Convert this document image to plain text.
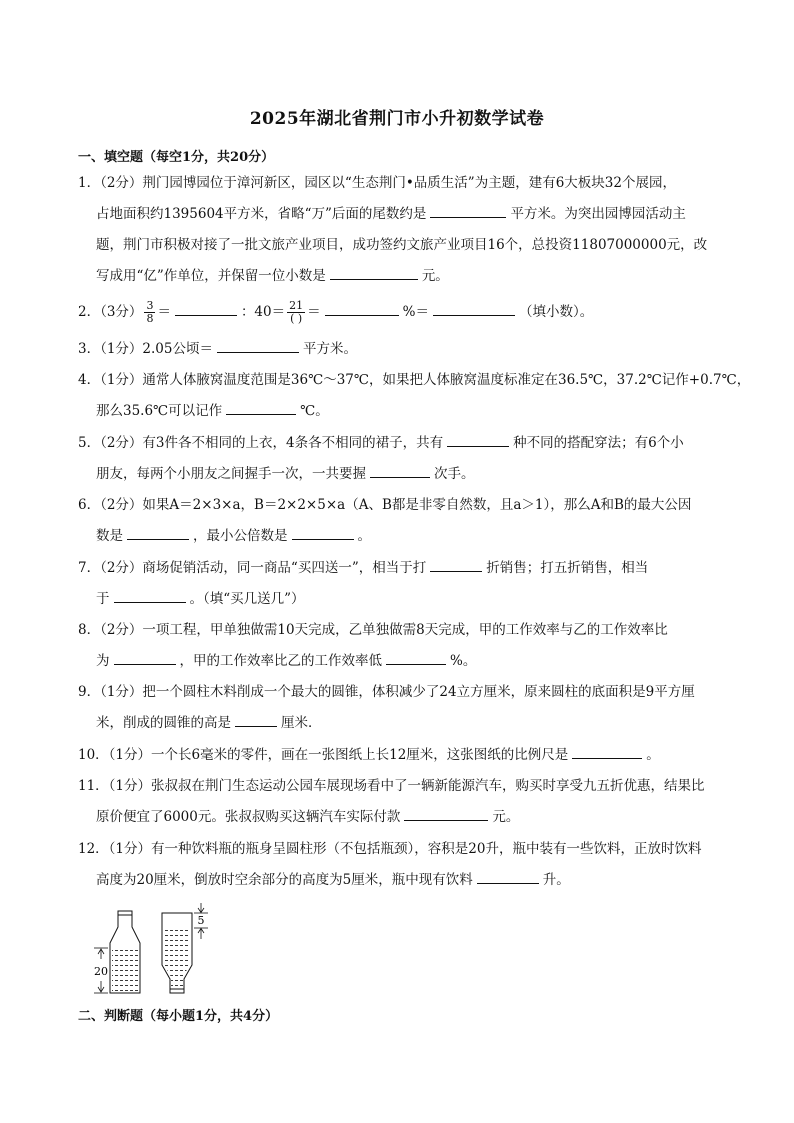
2025年湖北省荆门市小升初数学试卷
一、填空题（每空1分，共20分）
1．（2分）荆门园博园位于漳河新区，园区以“生态荆门•品质生活”为主题，建有6大板块32个展园，
占地面积约1395604平方米，省略“万”后面的尾数约是	平方米。为突出园博园活动主
题，荆门市积极对接了一批文旅产业项目，成功签约文旅产业项目16个，总投资11807000000元，改
写成用“亿”作单位，并保留一位小数是	元。
2．（3分） $\frac{3}{8}$ ＝	：$40= \frac{21}{( )}$ ＝	%＝	（填小数）。
3．（1分）2.05公顷＝	平方米。
4．（1分）通常人体腋窝温度范围是36℃～37℃，如果把人体腋窝温度标准定在36.5℃，37.2℃记作+0.7℃，
那么35.6℃可以记作	℃。
5．（2分）有3件各不相同的上衣，4条各不相同的裙子，共有	种不同的搭配穿法；有6个小
朋友，每两个小朋友之间握手一次，一共要握	次手。
6．（2分）如果A＝2×3×a，B＝2×2×5×a（A、B都是非零自然数，且a＞1），那么A和B的最大公因
数是	，最小公倍数是	。
7．（2分）商场促销活动，同一商品“买四送一”，相当于打	折销售；打五折销售，相当
于	。（填“买几送几”）
8．（2分）一项工程，甲单独做需10天完成，乙单独做需8天完成，甲的工作效率与乙的工作效率比
为	，甲的工作效率比乙的工作效率低	%。
9．（1分）把一个圆柱木料削成一个最大的圆锥，体积减少了24立方厘米，原来圆柱的底面积是9平方厘
米，削成的圆锥的高是	厘米．
10．（1分）一个长6毫米的零件，画在一张图纸上长12厘米，这张图纸的比例尺是	。
11．（1分）张叔叔在荆门生态运动公园车展现场看中了一辆新能源汽车，购买时享受九五折优惠，结果比
原价便宜了6000元。张叔叔购买这辆汽车实际付款	元。
12．（1分）有一种饮料瓶的瓶身呈圆柱形（不包括瓶颈），容积是20升，瓶中装有一些饮料，正放时饮料
高度为20厘米，倒放时空余部分的高度为5厘米，瓶中现有饮料	升。
20
5
二、判断题（每小题1分，共4分）
